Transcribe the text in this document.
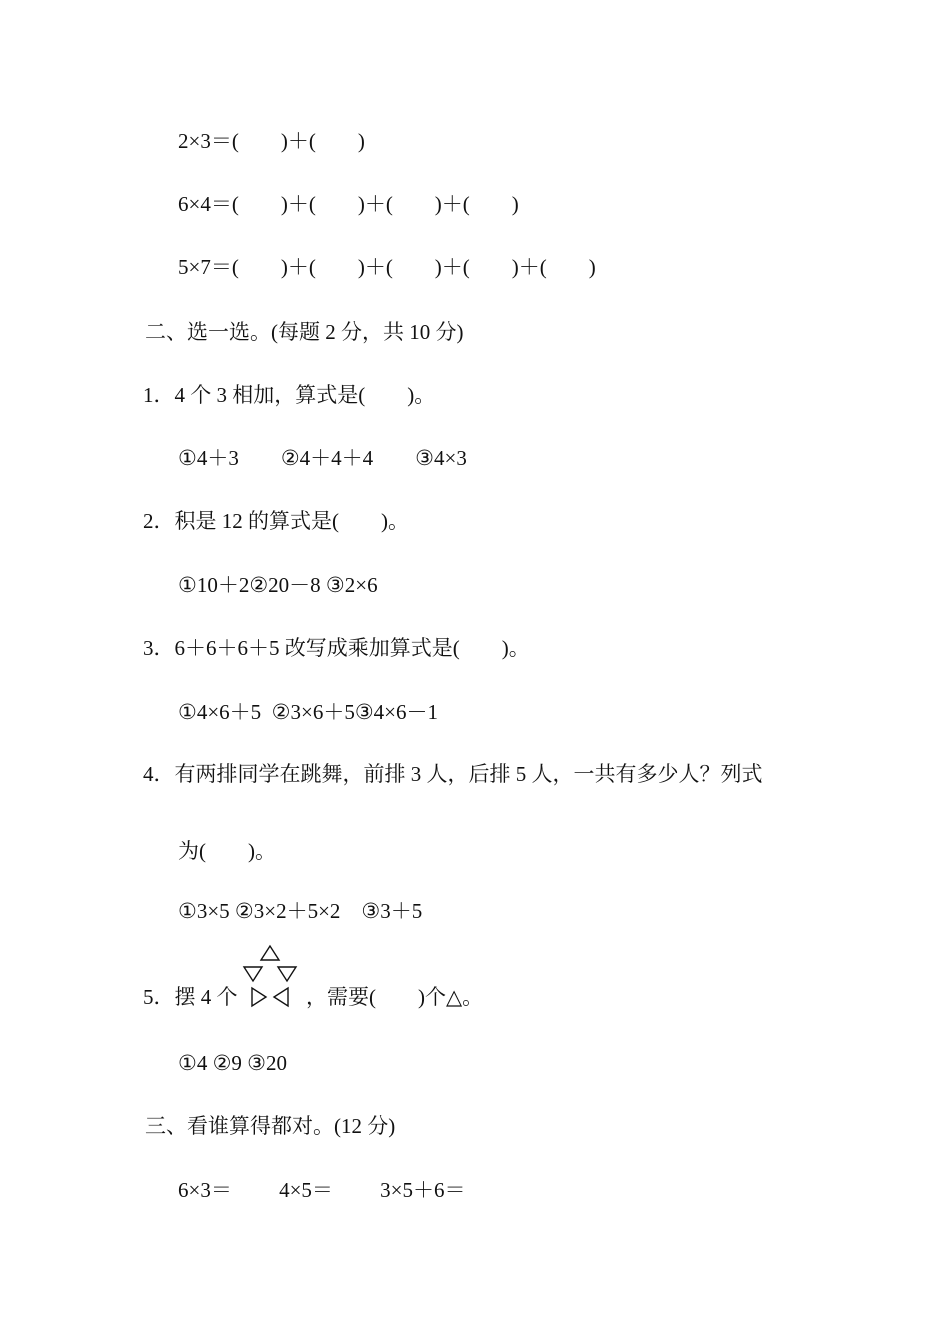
2×3＝(　　)＋(　　)
6×4＝(　　)＋(　　)＋(　　)＋(　　)
5×7＝(　　)＋(　　)＋(　　)＋(　　)＋(　　)
二、选一选。(每题 2 分，共 10 分)
1．4 个 3 相加，算式是(　　)。
①4＋3　　②4＋4＋4　　③4×3
2．积是 12 的算式是(　　)。
①10＋2②20－8 ③2×6
3．6＋6＋6＋5 改写成乘加算式是(　　)。
①4×6＋5  ②3×6＋5③4×6－1
4．有两排同学在跳舞，前排 3 人，后排 5 人，一共有多少人？列式
为(　　)。
①3×5 ②3×2＋5×2　③3＋5
5．摆 4 个	，需要(　　)个△。
①4 ②9 ③20
三、看谁算得都对。(12 分)
6×3＝　　 4×5＝　　 3×5＋6＝
